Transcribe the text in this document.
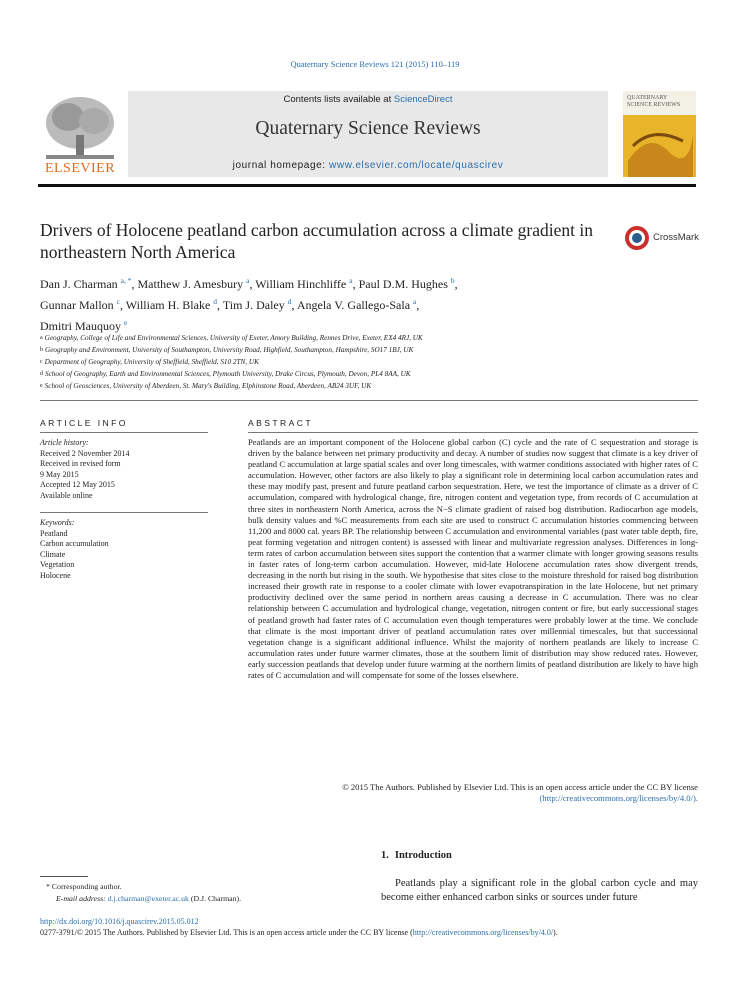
Quaternary Science Reviews 121 (2015) 110–119
ELSEVIER
Contents lists available at ScienceDirect
Quaternary Science Reviews
journal homepage: www.elsevier.com/locate/quascirev
QUATERNARY SCIENCE REVIEWS
Drivers of Holocene peatland carbon accumulation across a climate gradient in northeastern North America
CrossMark
Dan J. Charman $^{a, *}$, Matthew J. Amesbury $^a$, William Hinchliffe $^a$, Paul D.M. Hughes $^b$,
Gunnar Mallon $^c$, William H. Blake $^d$, Tim J. Daley $^d$, Angela V. Gallego-Sala $^a$,
Dmitri Mauquoy $^e$
$^a$ Geography, College of Life and Environmental Sciences, University of Exeter, Amory Building, Rennes Drive, Exeter, EX4 4RJ, UK
$^b$ Geography and Environment, University of Southampton, University Road, Highfield, Southampton, Hampshire, SO17 1BJ, UK
$^c$ Department of Geography, University of Sheffield, Sheffield, S10 2TN, UK
$^d$ School of Geography, Earth and Environmental Sciences, Plymouth University, Drake Circus, Plymouth, Devon, PL4 8AA, UK
$^e$ School of Geosciences, University of Aberdeen, St. Mary's Building, Elphinstone Road, Aberdeen, AB24 3UF, UK
ARTICLE INFO
Article history:
Received 2 November 2014
Received in revised form
9 May 2015
Accepted 12 May 2015
Available online
Keywords:
Peatland
Carbon accumulation
Climate
Vegetation
Holocene
ABSTRACT
Peatlands are an important component of the Holocene global carbon (C) cycle and the rate of C sequestration and storage is driven by the balance between net primary productivity and decay. A number of studies now suggest that climate is a key driver of peatland C accumulation at large spatial scales and over long timescales, with warmer conditions associated with higher rates of C accumulation. However, other factors are also likely to play a significant role in determining local carbon accumulation rates and these may modify past, present and future peatland carbon sequestration. Here, we test the importance of climate as a driver of C accumulation, compared with hydrological change, fire, nitrogen content and vegetation type, from records of C accumulation at three sites in northeastern North America, across the N−S climate gradient of raised bog distribution. Radiocarbon age models, bulk density values and %C measurements from each site are used to construct C accumulation histories commencing between 11,200 and 8000 cal. years BP. The relationship between C accumulation and environmental variables (past water table depth, fire, peat forming vegetation and nitrogen content) is assessed with linear and multivariate regression analyses. Differences in long-term rates of carbon accumulation between sites support the contention that a warmer climate with longer growing seasons results in faster rates of long-term carbon accumulation. However, mid-late Holocene accumulation rates show divergent trends, decreasing in the north but rising in the south. We hypothesise that sites close to the moisture threshold for raised bog distribution increased their growth rate in response to a cooler climate with lower evapotranspiration in the late Holocene, but net primary productivity declined over the same period in northern areas causing a decrease in C accumulation. There was no clear relationship between C accumulation and hydrological change, vegetation, nitrogen content or fire, but early successional stages of peatland growth had faster rates of C accumulation even though temperatures were probably lower at the time. We conclude that climate is the most important driver of peatland accumulation rates over millennial timescales, but that successional vegetation change is a significant additional influence. Whilst the majority of northern peatlands are likely to increase C accumulation rates under future warmer climates, those at the southern limit of distribution may show reduced rates. However, early succession peatlands that develop under future warming at the northern limits of peatland distribution are likely to have high rates of C accumulation and will compensate for some of the losses elsewhere.
© 2015 The Authors. Published by Elsevier Ltd. This is an open access article under the CC BY license
(http://creativecommons.org/licenses/by/4.0/).
1. Introduction
Peatlands play a significant role in the global carbon cycle and may become either enhanced carbon sinks or sources under future
* Corresponding author.
E-mail address: d.j.charman@exeter.ac.uk (D.J. Charman).
http://dx.doi.org/10.1016/j.quascirev.2015.05.012
0277-3791/© 2015 The Authors. Published by Elsevier Ltd. This is an open access article under the CC BY license (http://creativecommons.org/licenses/by/4.0/).
